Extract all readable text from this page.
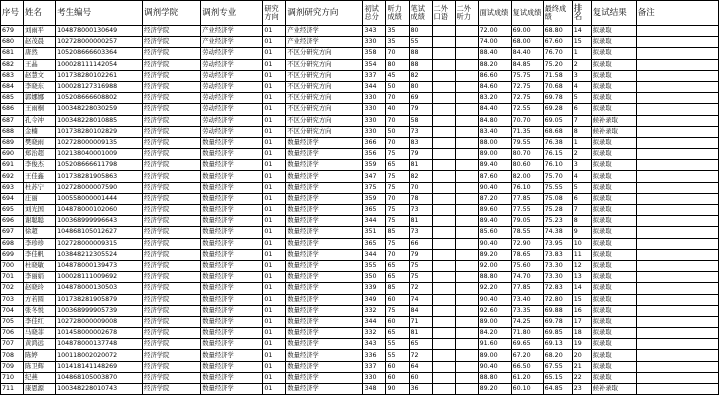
序号	姓名	考生编号	调剂学院	调剂专业	研究方向	调剂研究方向	初试总分	听力成绩	笔试成绩	二外口语	二外听力	面试成绩	复试成绩	最终成绩	排名	复试结果	备注
679	刘雨平	104878000130649	经济学院	产业经济学	01	产业经济学	343	35	80			72.00	69.00	68.80	14	拟录取	
680	赵茂晨	102728000000257	经济学院	产业经济学	01	产业经济学	330	35	55			74.00	68.00	67.60	15	拟录取	
681	唐然	105208666603364	经济学院	劳动经济学	01	不区分研究方向	358	70	88			88.40	84.40	76.70	1	拟录取	
682	王晶	100028111142054	经济学院	劳动经济学	01	不区分研究方向	354	80	88			88.20	84.85	75.20	2	拟录取	
683	赵慧文	101738280102261	经济学院	劳动经济学	01	不区分研究方向	337	45	82			86.60	75.75	71.58	3	拟录取	
684	李晓东	100028127316988	经济学院	劳动经济学	01	不区分研究方向	344	50	80			84.60	72.75	70.68	4	拟录取	
685	郭娜娜	105208666608802	经济学院	劳动经济学	01	不区分研究方向	330	70	69			83.20	72.75	69.78	5	拟录取	
686	王雨桐	100348228030259	经济学院	劳动经济学	01	不区分研究方向	330	40	79			84.40	72.55	69.28	6	拟录取	
687	孔令冲	100348228010885	经济学院	劳动经济学	01	不区分研究方向	330	70	58			84.80	70.70	69.05	7	候补录取	
688	金楠	101738280102829	经济学院	劳动经济学	01	不区分研究方向	330	50	73			83.40	71.35	68.68	8	候补录取	
689	樊晓雨	102728000009135	经济学院	数量经济学	01	数量经济学	366	70	83			88.00	79.55	76.38	1	拟录取	
690	郑治超	102138040001009	经济学院	数量经济学	01	数量经济学	356	75	79			89.00	80.70	76.15	2	拟录取	
691	李俊杰	105208666611798	经济学院	数量经济学	01	数量经济学	359	65	81			89.40	80.60	76.10	3	拟录取	
692	王佳鑫	101738281905863	经济学院	数量经济学	01	数量经济学	347	75	82			87.60	82.00	75.70	4	拟录取	
693	杜苏宁	102728000007590	经济学院	数量经济学	01	数量经济学	375	75	70			90.40	76.10	75.55	5	拟录取	
694	庄丽	100558000001444	经济学院	数量经济学	01	数量经济学	359	70	78			87.20	77.85	75.08	6	拟录取	
695	刘光国	104878000102060	经济学院	数量经济学	01	数量经济学	365	75	73			89.60	77.55	75.28	7	拟录取	
696	谢聪聪	100368999996643	经济学院	数量经济学	01	数量经济学	344	75	81			89.40	79.05	75.23	8	拟录取	
697	徐超	104868105012627	经济学院	数量经济学	01	数量经济学	351	85	73			85.60	78.55	74.38	9	拟录取	
698	李珍珍	102728000009315	经济学院	数量经济学	01	数量经济学	365	75	66			90.40	72.90	73.95	10	拟录取	
699	李佳帆	103848212305524	经济学院	数量经济学	01	数量经济学	344	70	79			89.20	78.65	73.83	11	拟录取	
700	杜晓敏	104878000139473	经济学院	数量经济学	01	数量经济学	355	65	75			92.00	75.60	73.30	12	拟录取	
701	李丽娟	100028111009692	经济学院	数量经济学	01	数量经济学	350	65	75			88.80	74.70	73.30	13	拟录取	
702	赵晓玲	104878000130503	经济学院	数量经济学	01	数量经济学	339	85	72			92.20	77.85	72.83	14	拟录取	
703	方若圆	101738281905879	经济学院	数量经济学	01	数量经济学	349	60	74			90.40	73.40	72.80	15	拟录取	
704	张冬悦	100368999905739	经济学院	数量经济学	01	数量经济学	332	75	84			92.60	73.35	69.88	16	拟录取	
705	李佳红	102728000009008	经济学院	数量经济学	01	数量经济学	344	60	71			89.00	74.25	69.78	17	拟录取	
706	马晓菲	101458000002678	经济学院	数量经济学	01	数量经济学	332	65	81			84.20	71.80	69.85	18	拟录取	
707	黄鸿远	104878000137748	经济学院	数量经济学	01	数量经济学	343	55	65			91.60	69.65	69.13	19	拟录取	
708	陈婷	100118002020072	经济学院	数量经济学	01	数量经济学	336	55	72			89.00	67.20	68.20	20	拟录取	
709	陈卫辉	101418141148269	经济学院	数量经济学	01	数量经济学	337	60	64			90.40	66.50	67.55	21	拟录取	
710	纪燕	104868105003870	经济学院	数量经济学	01	数量经济学	330	60	60			88.80	61.20	65.15	22	拟录取	
711	康恩源	100348228010743	经济学院	数量经济学	01	数量经济学	348	90	36			89.20	60.10	64.85	23	候补录取	
